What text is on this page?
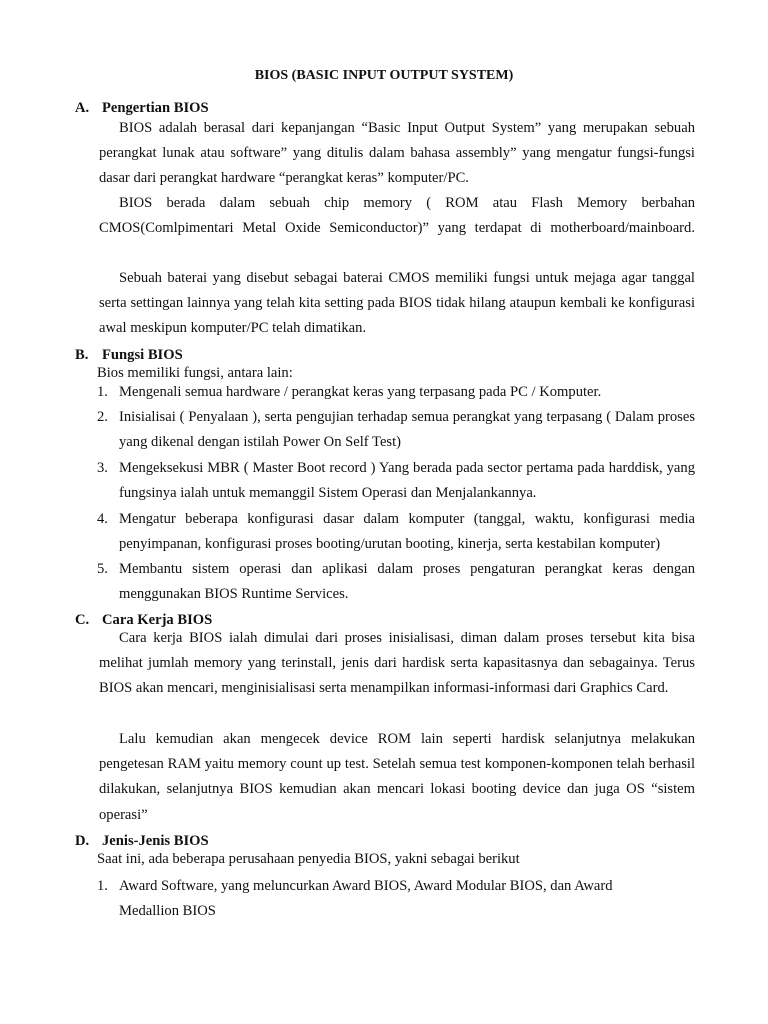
BIOS (BASIC INPUT OUTPUT SYSTEM)
A. Pengertian BIOS
BIOS adalah berasal dari kepanjangan “Basic Input Output System” yang merupakan sebuah perangkat lunak atau software” yang ditulis dalam bahasa assembly” yang mengatur fungsi-fungsi dasar dari perangkat hardware “perangkat keras” komputer/PC.
BIOS berada dalam sebuah chip memory ( ROM atau Flash Memory berbahan CMOS(Comlpimentari Metal Oxide Semiconductor)” yang terdapat di motherboard/mainboard.
Sebuah baterai yang disebut sebagai baterai CMOS memiliki fungsi untuk mejaga agar tanggal serta settingan lainnya yang telah kita setting pada BIOS tidak hilang ataupun kembali ke konfigurasi awal meskipun komputer/PC telah dimatikan.
B. Fungsi BIOS
Bios memiliki fungsi, antara lain:
1. Mengenali semua hardware / perangkat keras yang terpasang pada PC / Komputer.
2. Inisialisai ( Penyalaan ), serta pengujian terhadap semua perangkat yang terpasang ( Dalam proses yang dikenal dengan istilah Power On Self Test)
3. Mengeksekusi MBR ( Master Boot record ) Yang berada pada sector pertama pada harddisk, yang fungsinya ialah untuk memanggil Sistem Operasi dan Menjalankannya.
4. Mengatur beberapa konfigurasi dasar dalam komputer (tanggal, waktu, konfigurasi media penyimpanan, konfigurasi proses booting/urutan booting, kinerja, serta kestabilan komputer)
5. Membantu sistem operasi dan aplikasi dalam proses pengaturan perangkat keras dengan menggunakan BIOS Runtime Services.
C. Cara Kerja BIOS
Cara kerja BIOS ialah dimulai dari proses inisialisasi, diman dalam proses tersebut kita bisa melihat jumlah memory yang terinstall, jenis dari hardisk serta kapasitasnya dan sebagainya. Terus BIOS akan mencari, menginisialisasi serta menampilkan informasi-informasi dari Graphics Card.
Lalu kemudian akan mengecek device ROM lain seperti hardisk selanjutnya melakukan pengetesan RAM yaitu memory count up test. Setelah semua test komponen-komponen telah berhasil dilakukan, selanjutnya BIOS kemudian akan mencari lokasi booting device dan juga OS “sistem operasi”
D. Jenis-Jenis BIOS
Saat ini, ada beberapa perusahaan penyedia BIOS, yakni sebagai berikut
1. Award Software, yang meluncurkan Award BIOS, Award Modular BIOS, dan Award Medallion BIOS
